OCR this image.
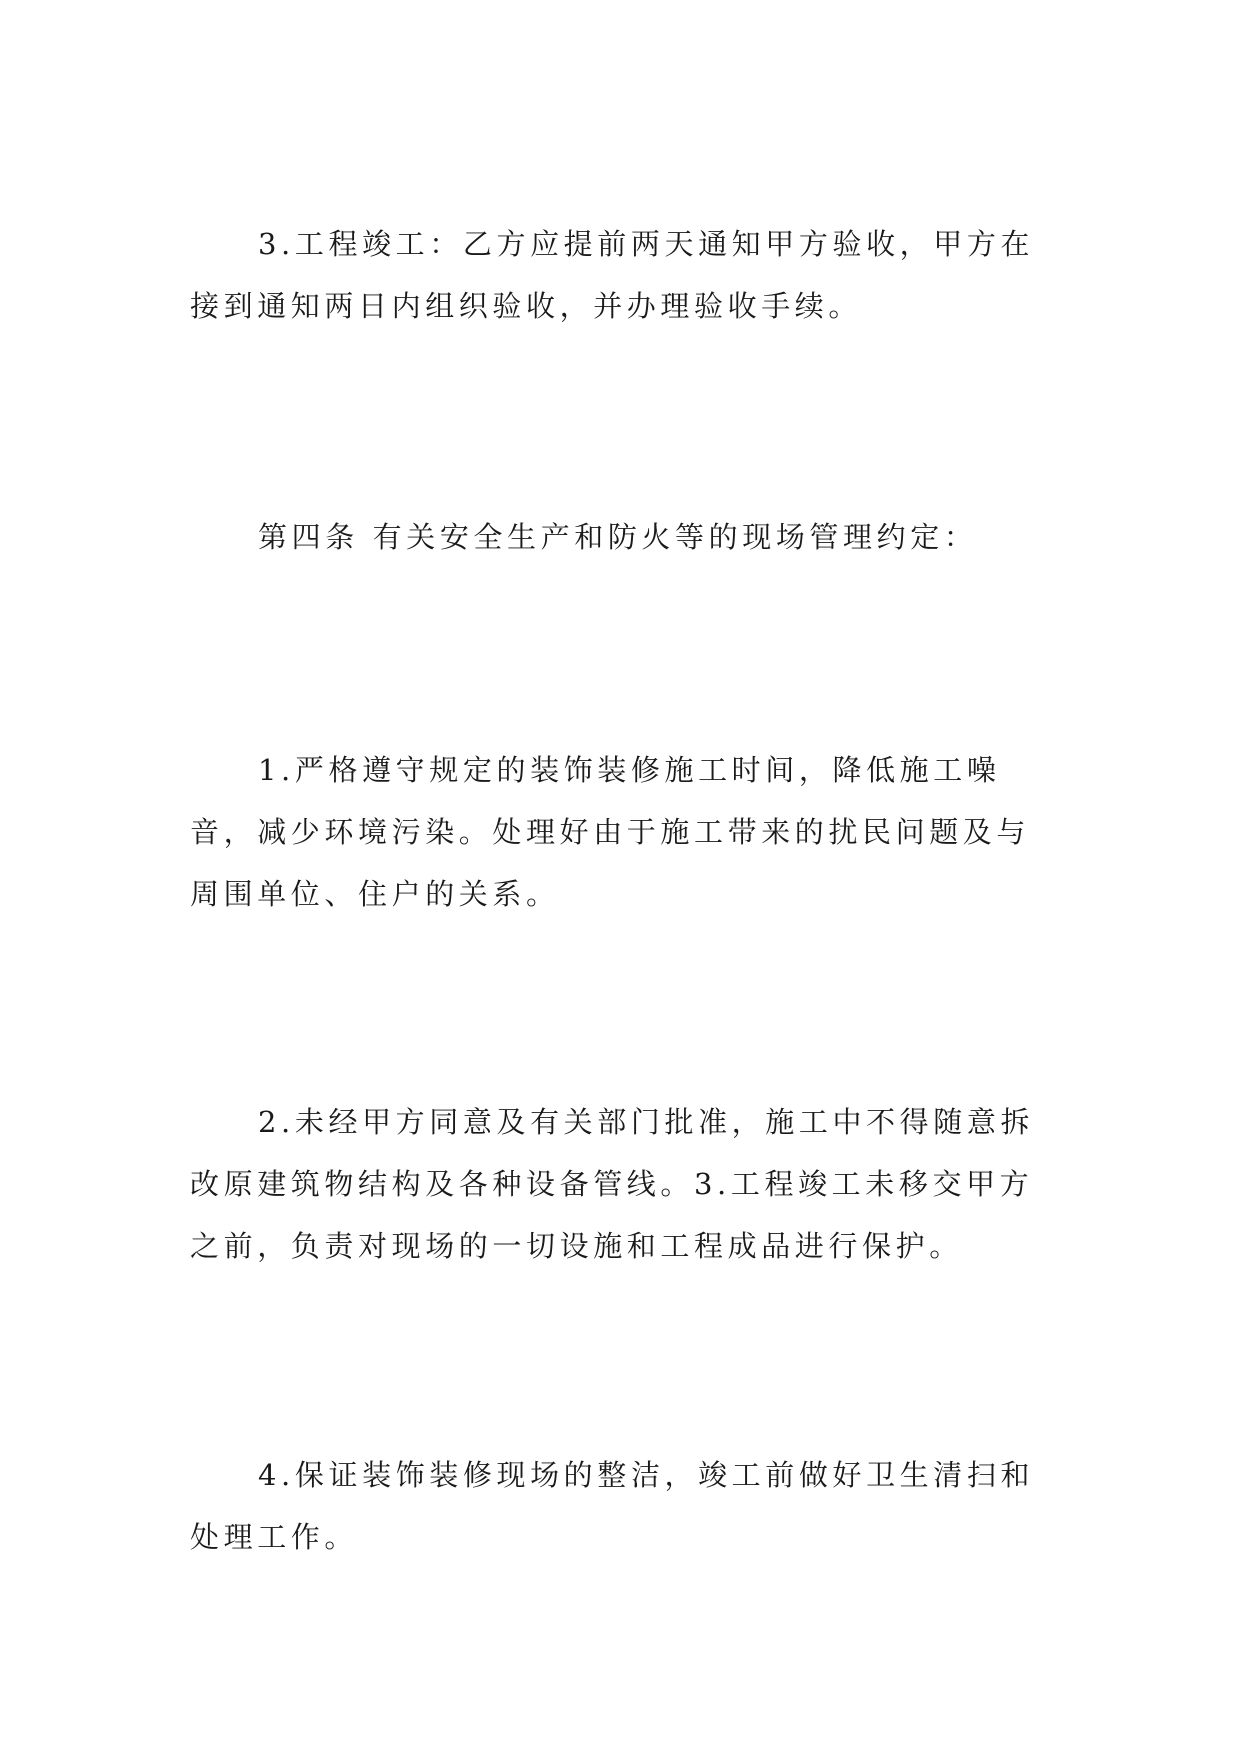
3.工程竣工：乙方应提前两天通知甲方验收，甲方在接到通知两日内组织验收，并办理验收手续。

第四条 有关安全生产和防火等的现场管理约定：

1.严格遵守规定的装饰装修施工时间，降低施工噪音，减少环境污染。处理好由于施工带来的扰民问题及与周围单位、住户的关系。

2.未经甲方同意及有关部门批准，施工中不得随意拆改原建筑物结构及各种设备管线。3.工程竣工未移交甲方之前，负责对现场的一切设施和工程成品进行保护。

4.保证装饰装修现场的整洁，竣工前做好卫生清扫和处理工作。
